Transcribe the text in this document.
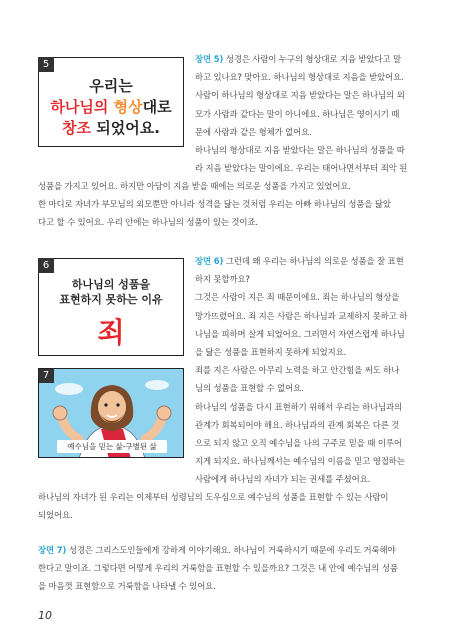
5
우리는
하나님의 형상대로
창조 되었어요.
6
하나님의 성품을
표현하지 못하는 이유
죄
7
예수님을 믿는 삶-구별된 삶
장면 5) 성경은 사람이 누구의 형상대로 지음 받았다고 말
하고 있나요? 맞아요. 하나님의 형상대로 지음을 받았어요.
사람이 하나님의 형상대로 지음 받았다는 말은 하나님의 외
모가 사람과 같다는 말이 아니에요. 하나님은 영이시기 때
문에 사람과 같은 형체가 없어요.
하나님의 형상대로 지음 받았다는 말은 하나님의 성품을 따
라 지음 받았다는 말이에요. 우리는 태어나면서부터 죄악 된
성품을 가지고 있어요. 하지만 아담이 지음 받을 때에는 의로운 성품을 가지고 있었어요.
한 마디로 자녀가 부모님의 외모뿐만 아니라 성격을 닮는 것처럼 우리는 아빠 하나님의 성품을 닮았
다고 할 수 있어요. 우리 안에는 하나님의 성품이 있는 것이죠.
장면 6) 그런데 왜 우리는 하나님의 의로운 성품을 잘 표현
하지 못할까요?
그것은 사람이 지은 죄 때문이에요. 죄는 하나님의 형상을
망가뜨렸어요. 죄 지은 사람은 하나님과 교제하지 못하고 하
나님을 피하며 살게 되었어요. 그러면서 자연스럽게 하나님
을 닮은 성품을 표현하지 못하게 되었지요.
죄를 지은 사람은 아무리 노력을 하고 안간힘을 써도 하나
님의 성품을 표현할 수 없어요.
하나님의 성품을 다시 표현하기 위해서 우리는 하나님과의
관계가 회복되어야 해요. 하나님과의 관계 회복은 다른 것
으로 되지 않고 오직 예수님을 나의 구주로 믿을 때 이루어
지게 되지요. 하나님께서는 예수님의 이름을 믿고 영접하는
사람에게 하나님의 자녀가 되는 권세를 주셨어요.
하나님의 자녀가 된 우리는 이제부터 성령님의 도우심으로 예수님의 성품을 표현할 수 있는 사람이
되었어요.
장면 7) 성경은 그리스도인들에게 강하게 이야기해요. 하나님이 거룩하시기 때문에 우리도 거룩해야
한다고 말이죠. 그렇다면 어떻게 우리의 거룩함을 표현할 수 있을까요? 그것은 내 안에 예수님의 성품
을 마음껏 표현함으로 거룩함을 나타낼 수 있어요.
10
